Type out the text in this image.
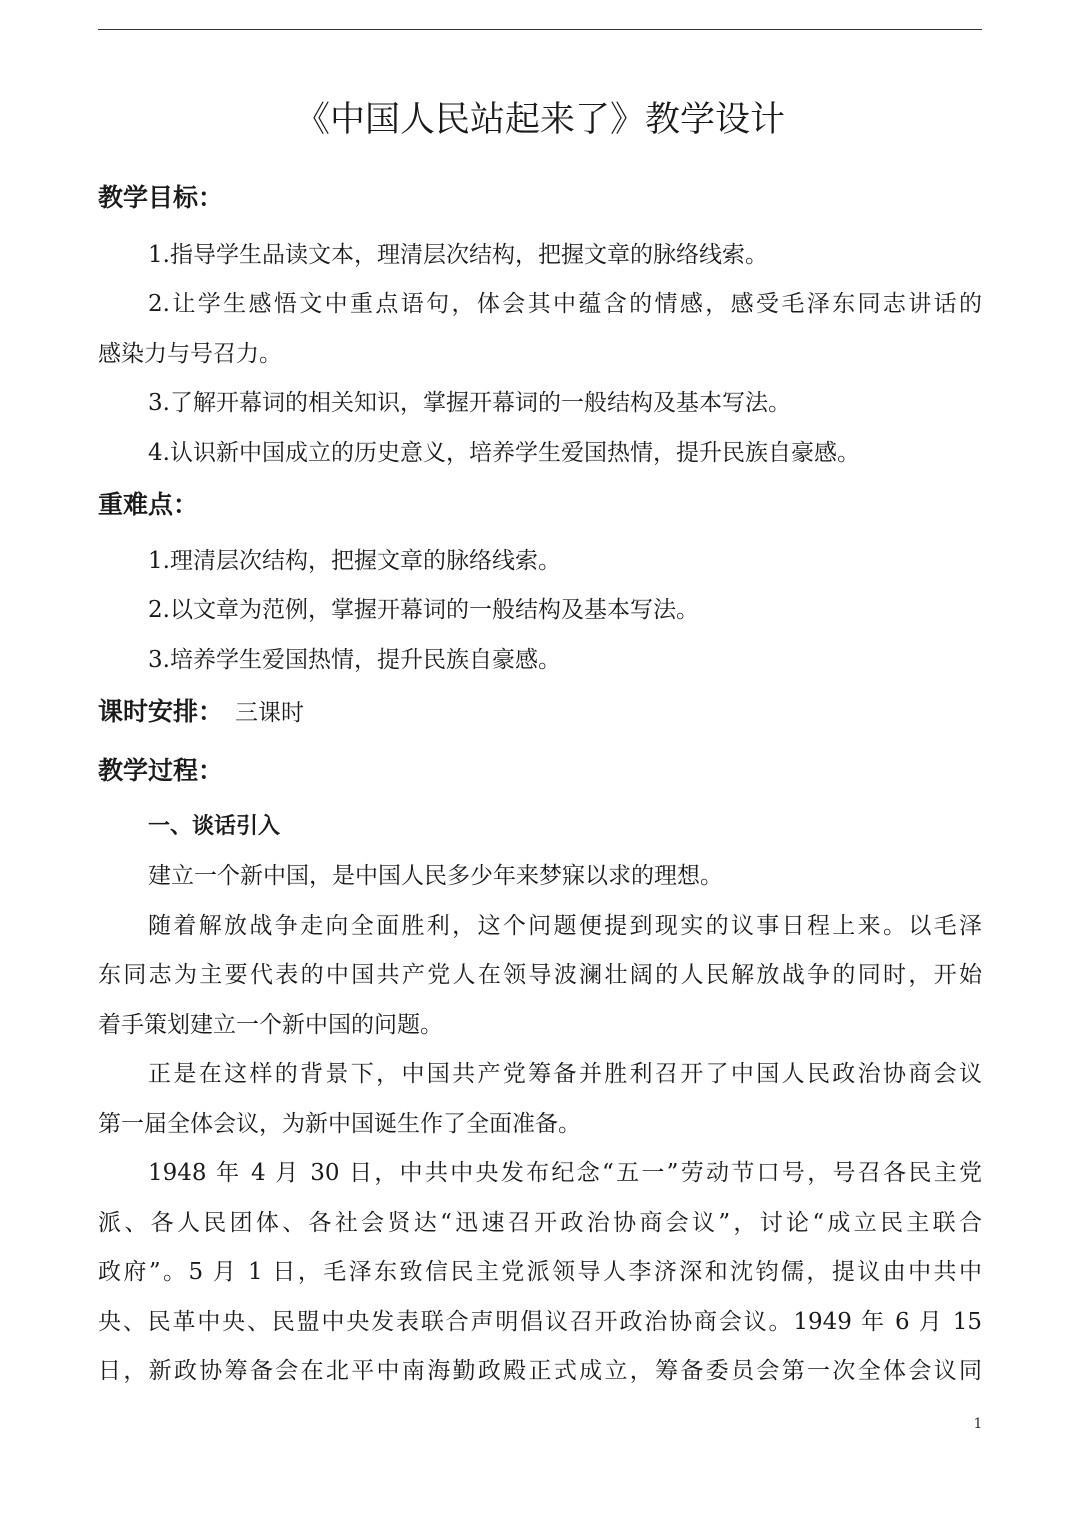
《中国人民站起来了》教学设计
教学目标：
1.指导学生品读文本，理清层次结构，把握文章的脉络线索。
2.让学生感悟文中重点语句，体会其中蕴含的情感，感受毛泽东同志讲话的
感染力与号召力。
3.了解开幕词的相关知识，掌握开幕词的一般结构及基本写法。
4.认识新中国成立的历史意义，培养学生爱国热情，提升民族自豪感。
重难点：
1.理清层次结构，把握文章的脉络线索。
2.以文章为范例，掌握开幕词的一般结构及基本写法。
3.培养学生爱国热情，提升民族自豪感。
课时安排： 三课时
教学过程：
一、谈话引入
建立一个新中国，是中国人民多少年来梦寐以求的理想。
随着解放战争走向全面胜利，这个问题便提到现实的议事日程上来。以毛泽
东同志为主要代表的中国共产党人在领导波澜壮阔的人民解放战争的同时，开始
着手策划建立一个新中国的问题。
正是在这样的背景下，中国共产党筹备并胜利召开了中国人民政治协商会议
第一届全体会议，为新中国诞生作了全面准备。
1948 年 4 月 30 日，中共中央发布纪念“五一”劳动节口号，号召各民主党
派、各人民团体、各社会贤达“迅速召开政治协商会议”，讨论“成立民主联合
政府”。5 月 1 日，毛泽东致信民主党派领导人李济深和沈钧儒，提议由中共中
央、民革中央、民盟中央发表联合声明倡议召开政治协商会议。1949 年 6 月 15
日，新政协筹备会在北平中南海勤政殿正式成立，筹备委员会第一次全体会议同
1
